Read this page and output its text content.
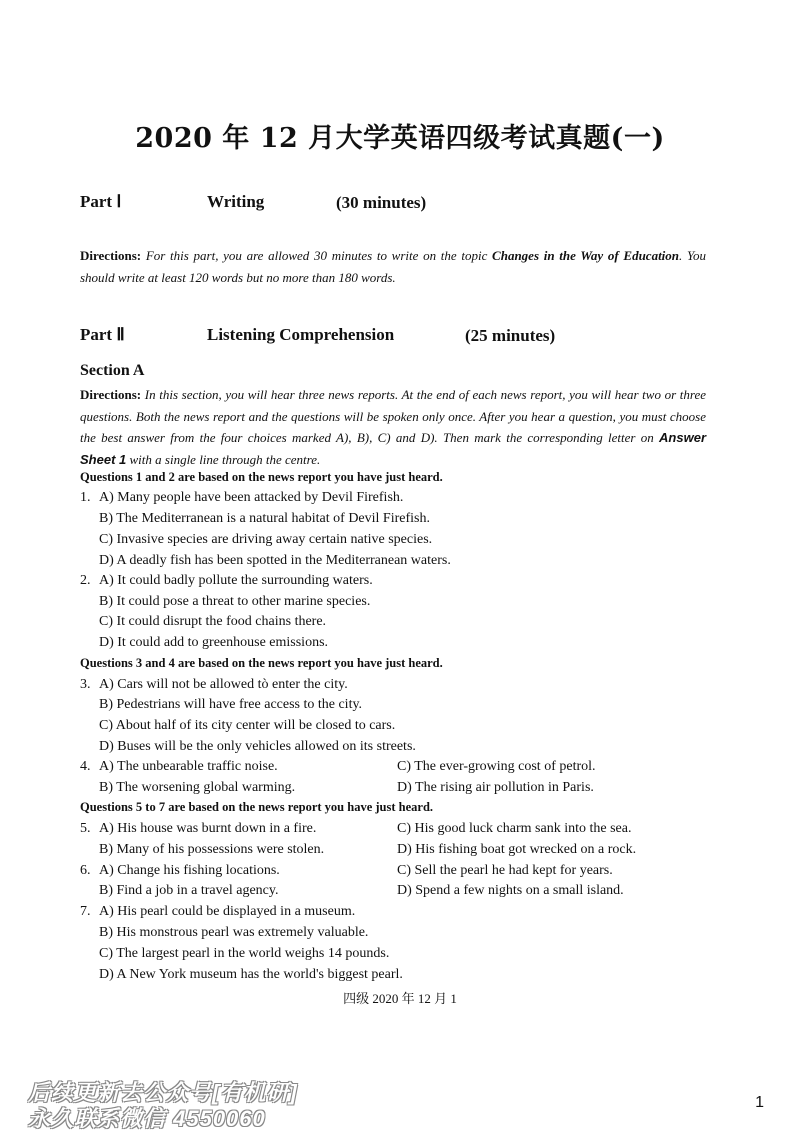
2020 年 12 月大学英语四级考试真题(一)
Part Ⅰ	Writing	(30 minutes)
Directions: For this part, you are allowed 30 minutes to write on the topic Changes in the Way of Education. You should write at least 120 words but no more than 180 words.
Part Ⅱ	Listening Comprehension	(25 minutes)
Section A
Directions: In this section, you will hear three news reports. At the end of each news report, you will hear two or three questions. Both the news report and the questions will be spoken only once. After you hear a question, you must choose the best answer from the four choices marked A), B), C) and D). Then mark the corresponding letter on Answer Sheet 1 with a single line through the centre.
Questions 1 and 2 are based on the news report you have just heard.
Questions 3 and 4 are based on the news report you have just heard.
Questions 5 to 7 are based on the news report you have just heard.
1. A) Many people have been attacked by Devil Firefish.
B) The Mediterranean is a natural habitat of Devil Firefish.
C) Invasive species are driving away certain native species.
D) A deadly fish has been spotted in the Mediterranean waters.
2. A) It could badly pollute the surrounding waters.
B) It could pose a threat to other marine species.
C) It could disrupt the food chains there.
D) It could add to greenhouse emissions.
3. A) Cars will not be allowed tò enter the city.
B) Pedestrians will have free access to the city.
C) About half of its city center will be closed to cars.
D) Buses will be the only vehicles allowed on its streets.
4. A) The unbearable traffic noise.	C) The ever-growing cost of petrol.
B) The worsening global warming.	D) The rising air pollution in Paris.
5. A) His house was burnt down in a fire.	C) His good luck charm sank into the sea.
B) Many of his possessions were stolen.	D) His fishing boat got wrecked on a rock.
6. A) Change his fishing locations.	C) Sell the pearl he had kept for years.
B) Find a job in a travel agency.	D) Spend a few nights on a small island.
7. A) His pearl could be displayed in a museum.
B) His monstrous pearl was extremely valuable.
C) The largest pearl in the world weighs 14 pounds.
D) A New York museum has the world's biggest pearl.
四级 2020 年 12 月 1
后续更新去公众号[有机研]
永久联系微信 4550060
1
